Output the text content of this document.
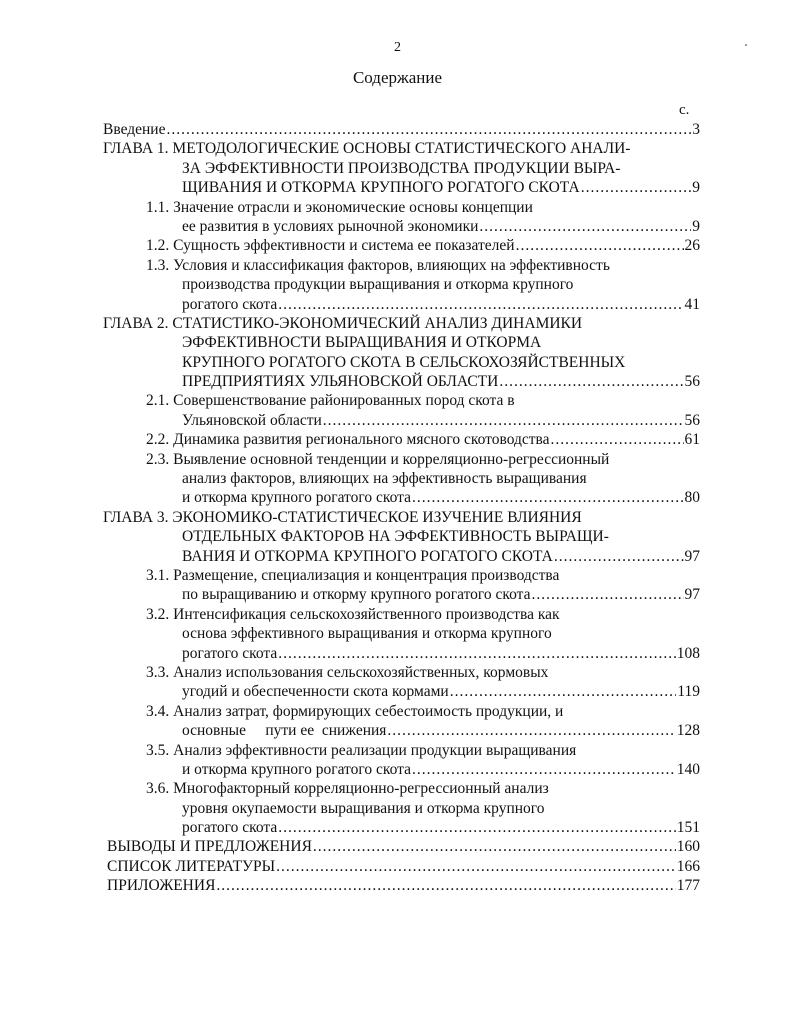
2
Содержание
с.
Введение .....	3
ГЛАВА 1. МЕТОДОЛОГИЧЕСКИЕ ОСНОВЫ СТАТИСТИЧЕСКОГО АНАЛИ-
ЗА ЭФФЕКТИВНОСТИ ПРОИЗВОДСТВА ПРОДУКЦИИ ВЫРА-
ЩИВАНИЯ И ОТКОРМА КРУПНОГО РОГАТОГО СКОТА .....	9
1.1. Значение отрасли и экономические основы концепции
ее развития в условиях рыночной экономики .....	9
1.2. Сущность эффективности и система ее показателей .....	26
1.3. Условия и классификация факторов, влияющих на эффективность
производства продукции выращивания и откорма крупного
рогатого скота .....	41
ГЛАВА 2. СТАТИСТИКО-ЭКОНОМИЧЕСКИЙ АНАЛИЗ ДИНАМИКИ
ЭФФЕКТИВНОСТИ ВЫРАЩИВАНИЯ И ОТКОРМА
КРУПНОГО РОГАТОГО СКОТА В СЕЛЬСКОХОЗЯЙСТВЕННЫХ
ПРЕДПРИЯТИЯХ УЛЬЯНОВСКОЙ ОБЛАСТИ .....	56
2.1. Совершенствование районированных пород скота в
Ульяновской области .....	56
2.2. Динамика развития регионального мясного скотоводства .....	61
2.3. Выявление основной тенденции и корреляционно-регрессионный
анализ факторов, влияющих на эффективность выращивания
и откорма крупного рогатого скота .....	80
ГЛАВА 3. ЭКОНОМИКО-СТАТИСТИЧЕСКОЕ ИЗУЧЕНИЕ ВЛИЯНИЯ
ОТДЕЛЬНЫХ ФАКТОРОВ НА ЭФФЕКТИВНОСТЬ ВЫРАЩИ-
ВАНИЯ И ОТКОРМА КРУПНОГО РОГАТОГО СКОТА .....	97
3.1. Размещение, специализация и концентрация производства
по выращиванию и откорму крупного рогатого скота .....	97
3.2. Интенсификация сельскохозяйственного производства как
основа эффективного выращивания и откорма крупного
рогатого скота .....	108
3.3. Анализ использования сельскохозяйственных, кормовых
угодий и обеспеченности скота кормами .....	119
3.4. Анализ затрат, формирующих себестоимость продукции, и
основные     пути ее  снижения .....	128
3.5. Анализ эффективности реализации продукции выращивания
и откорма крупного рогатого скота .....	140
3.6. Многофакторный корреляционно-регрессионный анализ
уровня окупаемости выращивания и откорма крупного
рогатого скота .....	151
ВЫВОДЫ И ПРЕДЛОЖЕНИЯ .....	160
СПИСОК ЛИТЕРАТУРЫ .....	166
ПРИЛОЖЕНИЯ .....	177
